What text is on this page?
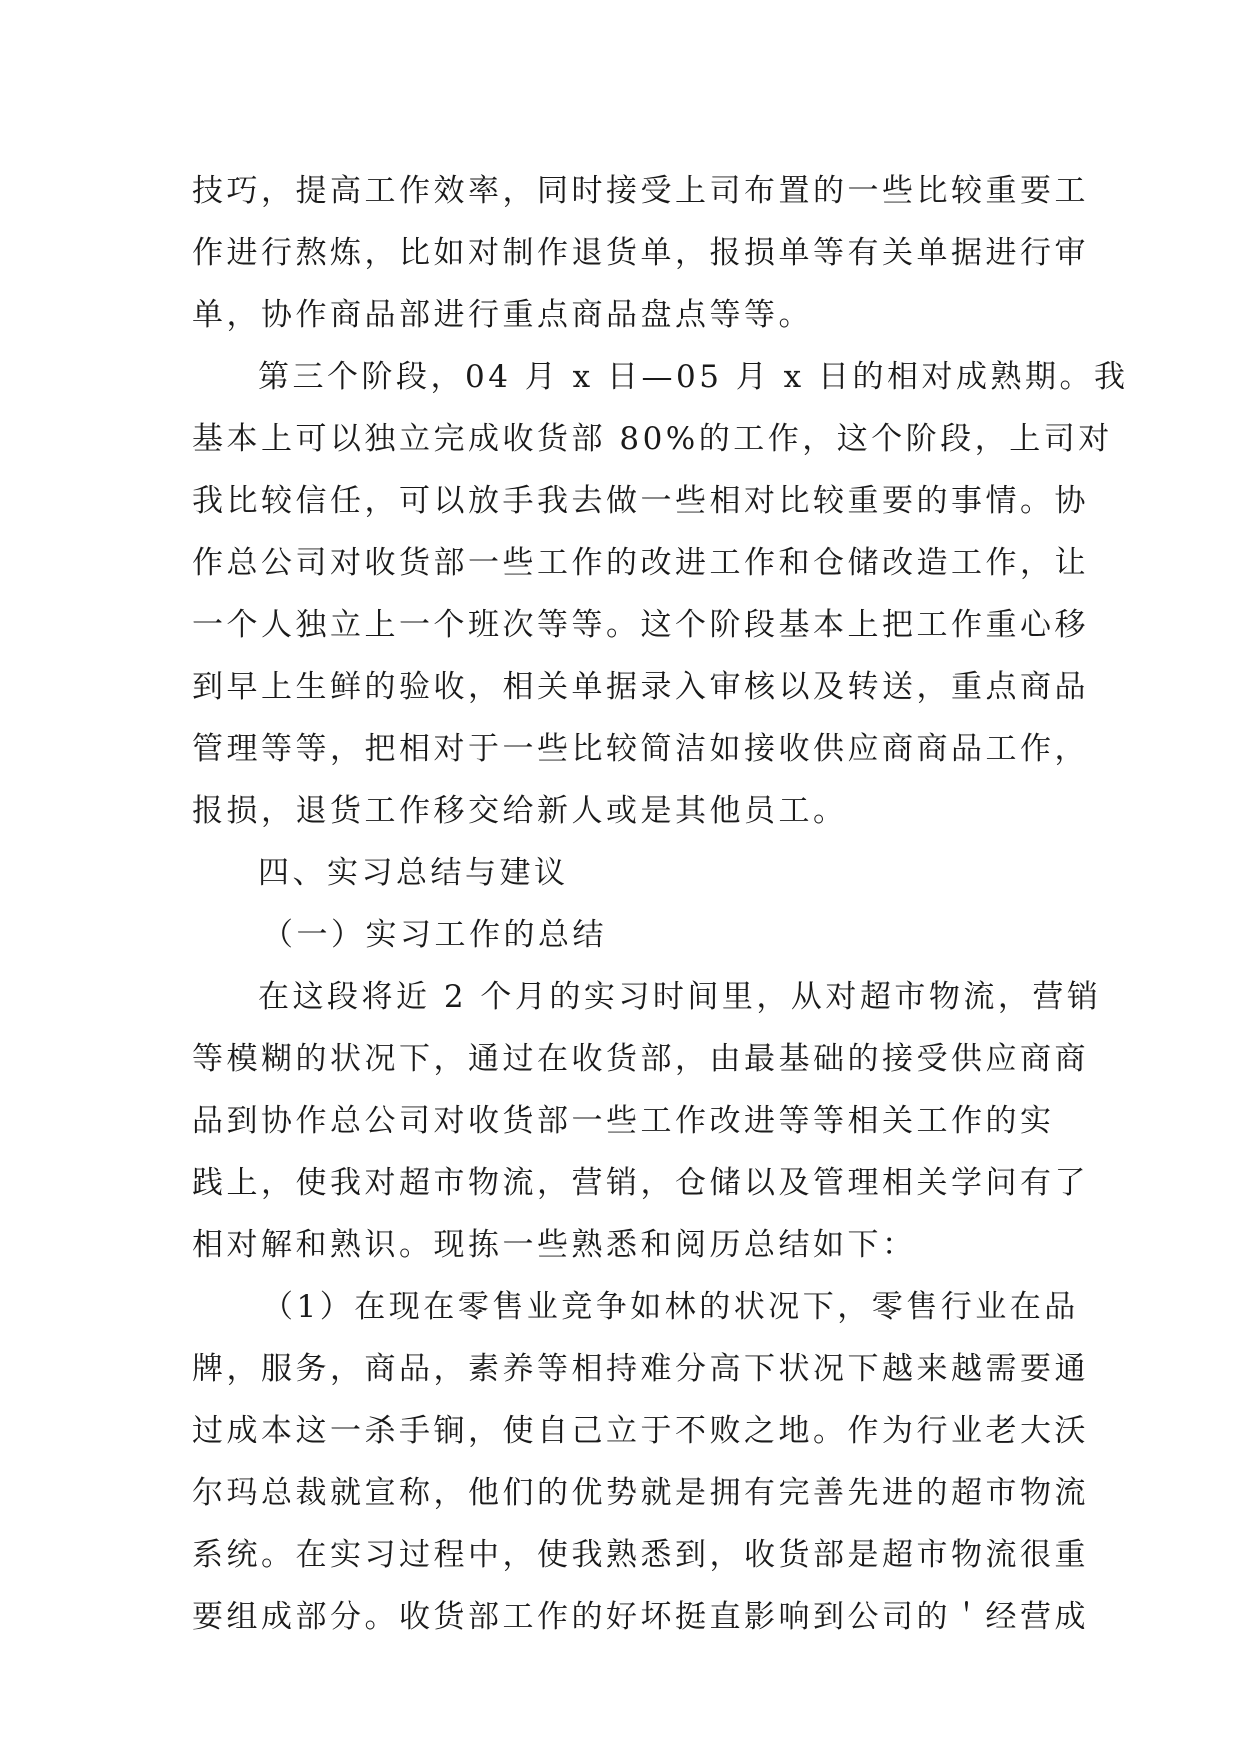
技巧，提高工作效率，同时接受上司布置的一些比较重要工
作进行熬炼，比如对制作退货单，报损单等有关单据进行审
单，协作商品部进行重点商品盘点等等。
第三个阶段，04 月 x 日—05 月 x 日的相对成熟期。我
基本上可以独立完成收货部 80%的工作，这个阶段，上司对
我比较信任，可以放手我去做一些相对比较重要的事情。协
作总公司对收货部一些工作的改进工作和仓储改造工作，让
一个人独立上一个班次等等。这个阶段基本上把工作重心移
到早上生鲜的验收，相关单据录入审核以及转送，重点商品
管理等等，把相对于一些比较简洁如接收供应商商品工作，
报损，退货工作移交给新人或是其他员工。
四、实习总结与建议
（一）实习工作的总结
在这段将近 2 个月的实习时间里，从对超市物流，营销
等模糊的状况下，通过在收货部，由最基础的接受供应商商
品到协作总公司对收货部一些工作改进等等相关工作的实
践上，使我对超市物流，营销，仓储以及管理相关学问有了
相对解和熟识。现拣一些熟悉和阅历总结如下：
（1）在现在零售业竞争如林的状况下，零售行业在品
牌，服务，商品，素养等相持难分高下状况下越来越需要通
过成本这一杀手锏，使自己立于不败之地。作为行业老大沃
尔玛总裁就宣称，他们的优势就是拥有完善先进的超市物流
系统。在实习过程中，使我熟悉到，收货部是超市物流很重
要组成部分。收货部工作的好坏挺直影响到公司的＇经营成
